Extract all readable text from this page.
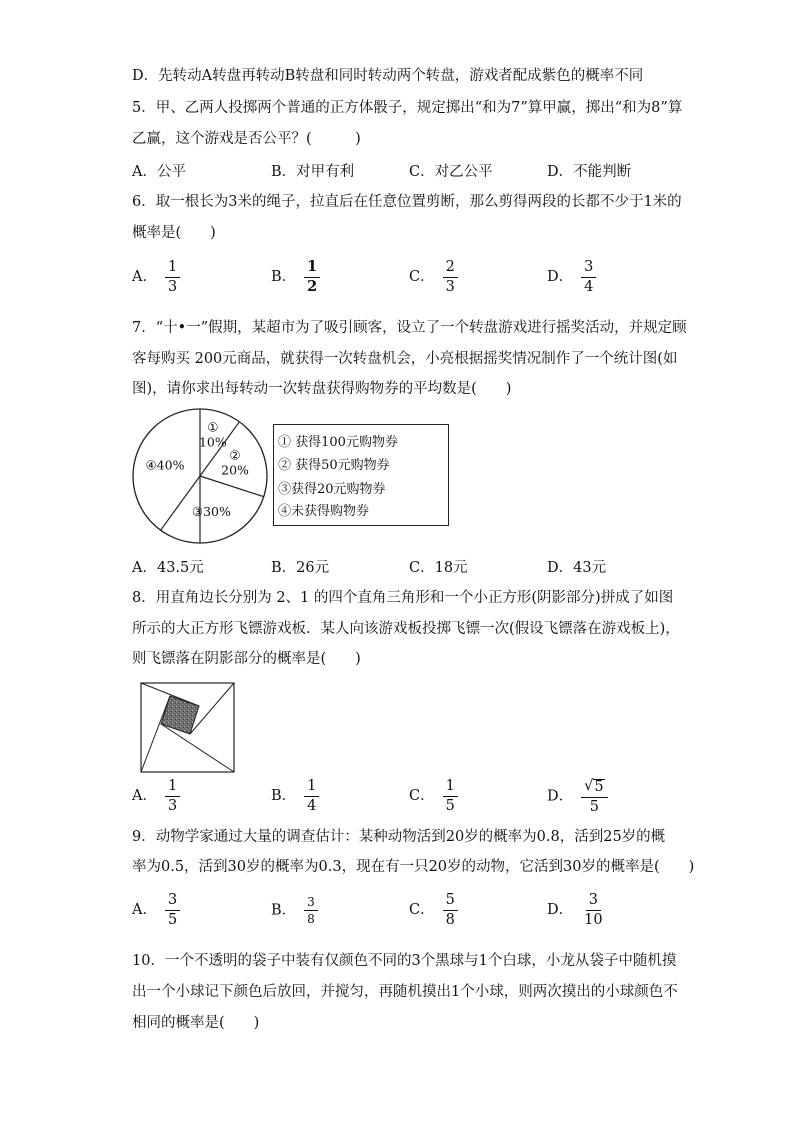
D．先转动A转盘再转动B转盘和同时转动两个转盘，游戏者配成紫色的概率不同
5．甲、乙两人投掷两个普通的正方体骰子，规定掷出“和为7”算甲赢，掷出“和为8”算
乙赢，这个游戏是否公平？(　　　)
A．公平	B．对甲有利	C．对乙公平	D．不能判断
6．取一根长为3米的绳子，拉直后在任意位置剪断，那么剪得两段的长都不少于1米的
概率是(　　)
A． $\frac{1}{3}$	B． $\frac{1}{2}$	C． $\frac{2}{3}$	D． $\frac{3}{4}$
7．“十•一”假期，某超市为了吸引顾客，设立了一个转盘游戏进行摇奖活动，并规定顾
客每购买 200元商品，就获得一次转盘机会，小亮根据摇奖情况制作了一个统计图(如
图)，请你求出每转动一次转盘获得购物券的平均数是(　　)
①
10%
②
20%
③30%
④40%
① 获得100元购物券
② 获得50元购物券
③获得20元购物券
④未获得购物券
A．43.5元	B．26元	C．18元	D．43元
8．用直角边长分别为 2、1 的四个直角三角形和一个小正方形(阴影部分)拼成了如图
所示的大正方形飞镖游戏板．某人向该游戏板投掷飞镖一次(假设飞镖落在游戏板上)，
则飞镖落在阴影部分的概率是(　　)
A． $\frac{1}{3}$	B． $\frac{1}{4}$	C． $\frac{1}{5}$	D． $\frac{√ 5}{5}$
9．动物学家通过大量的调查估计：某种动物活到20岁的概率为0.8，活到25岁的概
率为0.5，活到30岁的概率为0.3，现在有一只20岁的动物，它活到30岁的概率是(　　)
A． $\frac{3}{5}$	B． $\frac{3}{8}$	C． $\frac{5}{8}$	D． $\frac{3}{10}$
10．一个不透明的袋子中装有仅颜色不同的3个黑球与1个白球，小龙从袋子中随机摸
出一个小球记下颜色后放回，并搅匀，再随机摸出1个小球，则两次摸出的小球颜色不
相同的概率是(　　)
